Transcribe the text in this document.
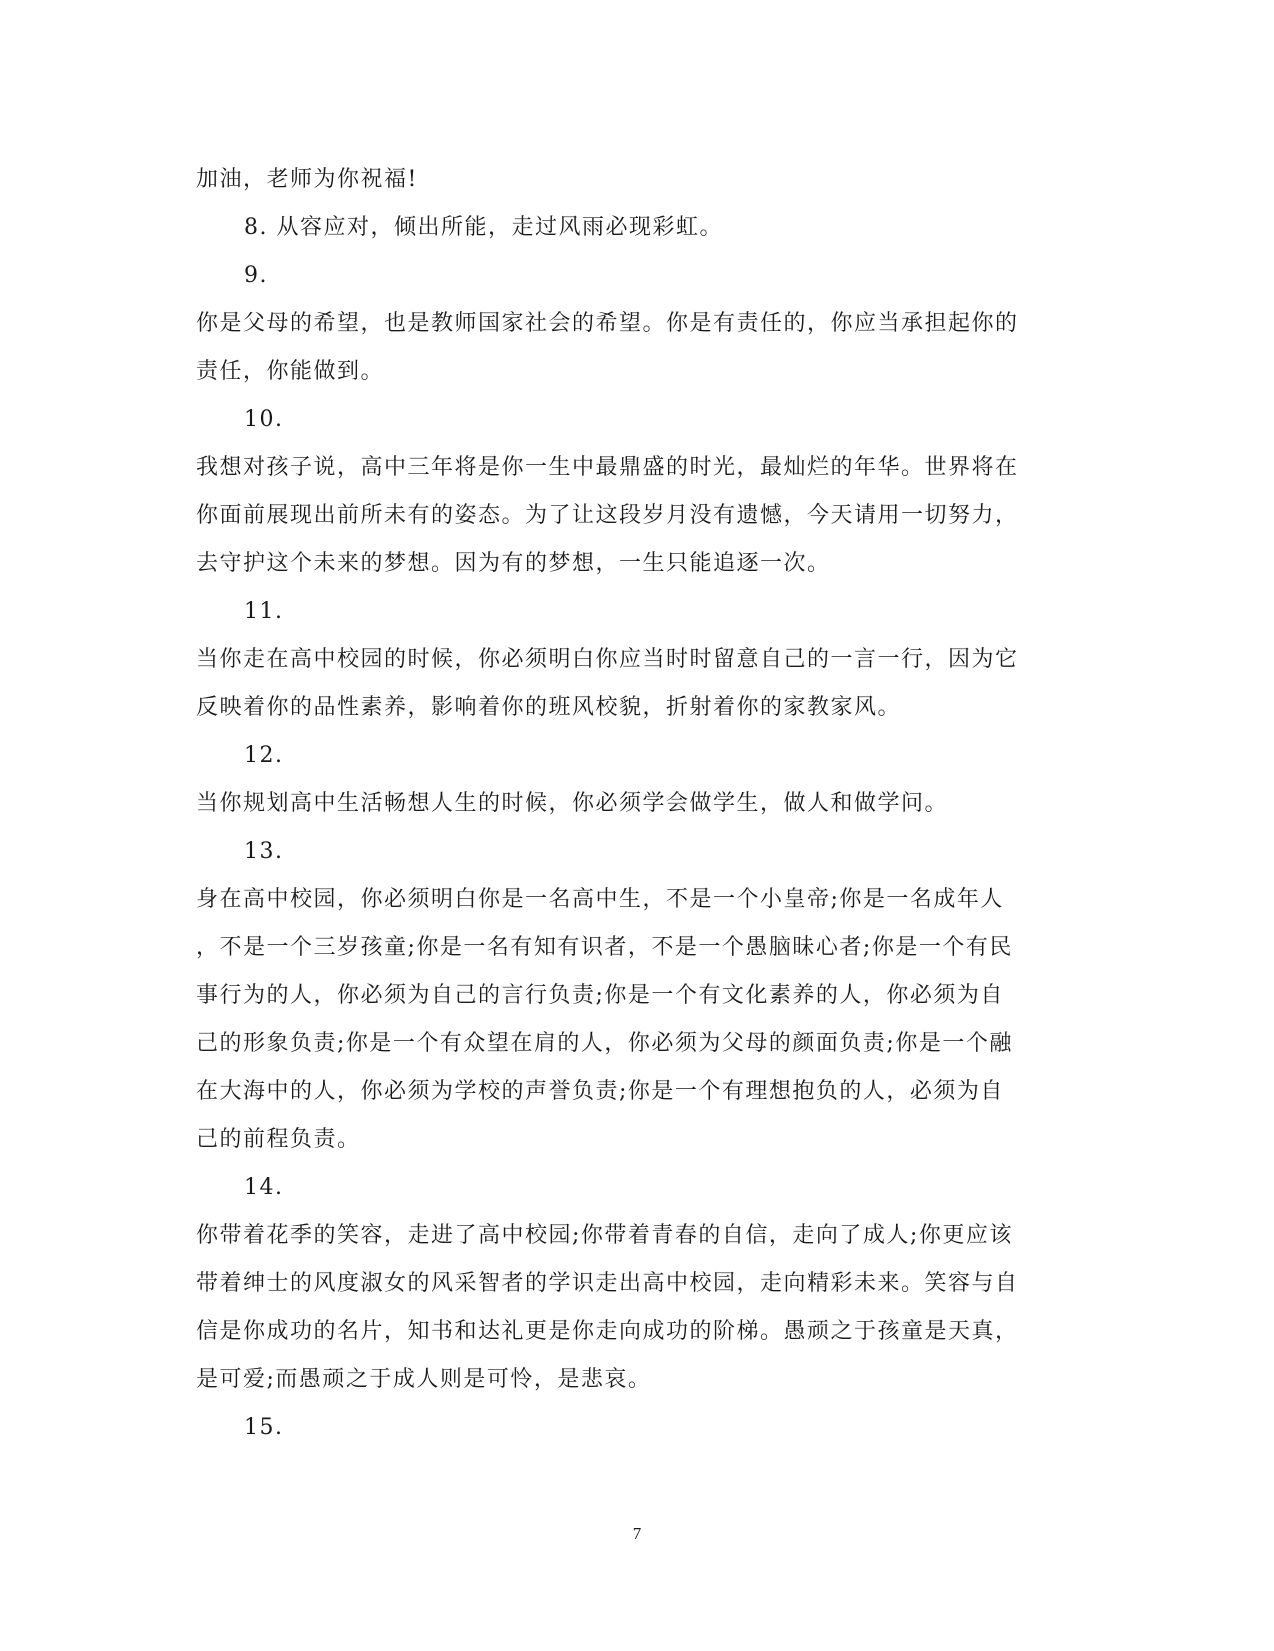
加油，老师为你祝福!
8. 从容应对，倾出所能，走过风雨必现彩虹。
9.
你是父母的希望，也是教师国家社会的希望。你是有责任的，你应当承担起你的
责任，你能做到。
10.
我想对孩子说，高中三年将是你一生中最鼎盛的时光，最灿烂的年华。世界将在
你面前展现出前所未有的姿态。为了让这段岁月没有遗憾，今天请用一切努力，
去守护这个未来的梦想。因为有的梦想，一生只能追逐一次。
11.
当你走在高中校园的时候，你必须明白你应当时时留意自己的一言一行，因为它
反映着你的品性素养，影响着你的班风校貌，折射着你的家教家风。
12.
当你规划高中生活畅想人生的时候，你必须学会做学生，做人和做学问。
13.
身在高中校园，你必须明白你是一名高中生，不是一个小皇帝;你是一名成年人
，不是一个三岁孩童;你是一名有知有识者，不是一个愚脑昧心者;你是一个有民
事行为的人，你必须为自己的言行负责;你是一个有文化素养的人，你必须为自
己的形象负责;你是一个有众望在肩的人，你必须为父母的颜面负责;你是一个融
在大海中的人，你必须为学校的声誉负责;你是一个有理想抱负的人，必须为自
己的前程负责。
14.
你带着花季的笑容，走进了高中校园;你带着青春的自信，走向了成人;你更应该
带着绅士的风度淑女的风采智者的学识走出高中校园，走向精彩未来。笑容与自
信是你成功的名片，知书和达礼更是你走向成功的阶梯。愚顽之于孩童是天真，
是可爱;而愚顽之于成人则是可怜，是悲哀。
15.
7
